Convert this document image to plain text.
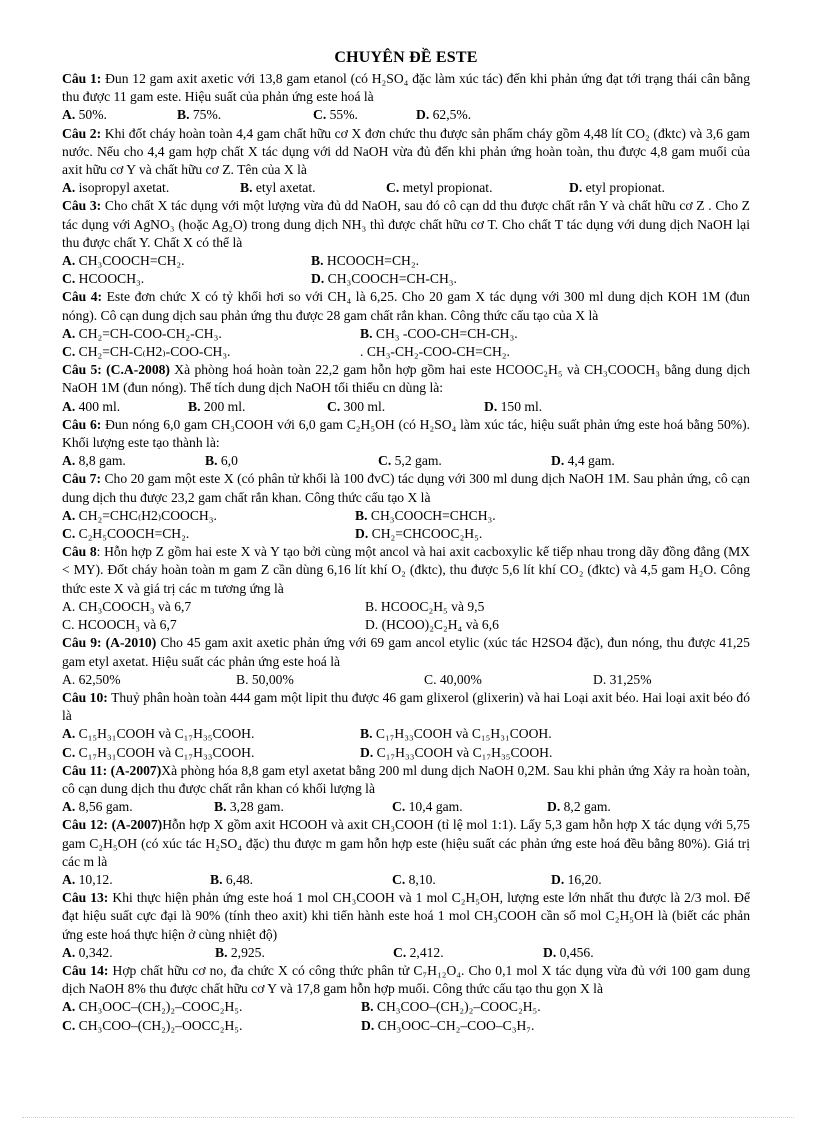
CHUYÊN ĐỀ ESTE
Câu 1: Đun 12 gam axit axetic với 13,8 gam etanol (có H₂SO₄ đặc làm xúc tác) đến khi phản ứng đạt tới trạng thái cân bằng thu được 11 gam este. Hiệu suất của phản ứng este hoá là
A. 50%.	B. 75%.	C. 55%.	D. 62,5%.
Câu 2: Khi đốt cháy hoàn toàn 4,4 gam chất hữu cơ X đơn chức thu được sản phẩm cháy gồm 4,48 lít CO₂ (đktc) và 3,6 gam nước. Nếu cho 4,4 gam hợp chất X tác dụng với dd NaOH vừa đủ đến khi phản ứng hoàn toàn, thu được 4,8 gam muối của axit hữu cơ Y và chất hữu cơ Z. Tên của X là
A. isopropyl axetat.	B. etyl axetat.	C. metyl propionat.	D. etyl propionat.
Câu 3: Cho chất X tác dụng với một lượng vừa đủ dd NaOH, sau đó cô cạn dd thu được chất rắn Y và chất hữu cơ Z . Cho Z tác dụng với AgNO₃ (hoặc Ag₂O) trong dung dịch NH₃ thì được chất hữu cơ T. Cho chất T tác dụng với dung dịch NaOH lại thu được chất Y. Chất X có thể là
A. CH₃COOCH=CH₂.	B. HCOOCH=CH₂.
C. HCOOCH₃.	D. CH₃COOCH=CH-CH₃.
Câu 4: Este đơn chức X có tỷ khối hơi so với CH₄ là 6,25. Cho 20 gam X tác dụng với 300 ml dung dịch KOH 1M (đun nóng). Cô cạn dung dịch sau phản ứng thu được 28 gam chất rắn khan. Công thức cấu tạo của X là
A. CH₂=CH-COO-CH₂-CH₃.	B. CH₃ -COO-CH=CH-CH₃.
C. CH₂=CH-C₍H2₎-COO-CH₃.	. CH₃-CH₂-COO-CH=CH₂.
Câu 5: (C.A-2008) Xà phòng hoá hoàn toàn 22,2 gam hỗn hợp gồm hai este HCOOC₂H₅ và CH₃COOCH₃ bằng dung dịch NaOH 1M (đun nóng). Thể tích dung dịch NaOH tối thiểu cn dùng là:
A. 400 ml.	B. 200 ml.	C. 300 ml.	D. 150 ml.
Câu 6: Đun nóng 6,0 gam CH₃COOH với 6,0 gam C₂H₅OH (có H₂SO₄ làm xúc tác, hiệu suất phản ứng este hoá bằng 50%). Khối lượng este tạo thành là:
A. 8,8 gam.	B. 6,0	C. 5,2 gam.	D. 4,4 gam.
Câu 7: Cho 20 gam một este X (có phân tử khối là 100 đvC) tác dụng với 300 ml dung dịch NaOH 1M. Sau phản ứng, cô cạn dung dịch thu được 23,2 gam chất rắn khan. Công thức cấu tạo X là
A. CH₂=CHC₍H2₎COOCH₃.	B. CH₃COOCH=CHCH₃.
C. C₂H₅COOCH=CH₂.	D. CH₂=CHCOOC₂H₅.
Câu 8: Hỗn hợp Z gồm hai este X và Y tạo bởi cùng một ancol và hai axit cacboxylic kế tiếp nhau trong dãy đồng đẳng (MX < MY). Đốt cháy hoàn toàn m gam Z cần dùng 6,16 lít khí O₂ (đktc), thu được 5,6 lít khí CO₂ (đktc) và 4,5 gam H₂O. Công thức este X và giá trị các m tương ứng là
A. CH₃COOCH₃ và 6,7	B. HCOOC₂H₅ và 9,5
C. HCOOCH₃ và 6,7	D. (HCOO)₂C₂H₄ và 6,6
Câu 9: (A-2010) Cho 45 gam axit axetic phản ứng với 69 gam ancol etylic (xúc tác H2SO4 đặc), đun nóng, thu được 41,25 gam etyl axetat. Hiệu suất các phản ứng este hoá là
A. 62,50%	B. 50,00%	C. 40,00%	D. 31,25%
Câu 10: Thuỷ phân hoàn toàn 444 gam một lipit thu được 46 gam glixerol (glixerin) và hai Loại axit béo. Hai loại axit béo đó là
A. C₁₅H₃₁COOH và C₁₇H₃₅COOH.	B. C₁₇H₃₃COOH và C₁₅H₃₁COOH.
C. C₁₇H₃₁COOH và C₁₇H₃₃COOH.	D. C₁₇H₃₃COOH và C₁₇H₃₅COOH.
Câu 11: (A-2007)Xà phòng hóa 8,8 gam etyl axetat bằng 200 ml dung dịch NaOH 0,2M. Sau khi phản ứng Xảy ra hoàn toàn, cô cạn dung dịch thu được chất rắn khan có khối lượng là
A. 8,56 gam.	B. 3,28 gam.	C. 10,4 gam.	D. 8,2 gam.
Câu 12: (A-2007)Hỗn hợp X gồm axit HCOOH và axit CH₃COOH (tỉ lệ mol 1:1). Lấy 5,3 gam hỗn hợp X tác dụng với 5,75 gam C₂H₅OH (có xúc tác H₂SO₄ đặc) thu được m gam hỗn hợp este (hiệu suất các phản ứng este hoá đều bằng 80%). Giá trị các m là
A. 10,12.	B. 6,48.	C. 8,10.	D. 16,20.
Câu 13: Khi thực hiện phản ứng este hoá 1 mol CH₃COOH và 1 mol C₂H₅OH, lượng este lớn nhất thu được là 2/3 mol. Để đạt hiệu suất cực đại là 90% (tính theo axit) khi tiến hành este hoá 1 mol CH₃COOH cần số mol C₂H₅OH là (biết các phản ứng este hoá thực hiện ở cùng nhiệt độ)
A. 0,342.	B. 2,925.	C. 2,412.	D. 0,456.
Câu 14: Hợp chất hữu cơ no, đa chức X có công thức phân tử C₇H₁₂O₄. Cho 0,1 mol X tác dụng vừa đủ với 100 gam dung dịch NaOH 8% thu được chất hữu cơ Y và 17,8 gam hỗn hợp muối. Công thức cấu tạo thu gọn X là
A. CH₃OOC–(CH₂)₂–COOC₂H₅.	B. CH₃COO–(CH₂)₂–COOC₂H₅.
C. CH₃COO–(CH₂)₂–OOCC₂H₅.	D. CH₃OOC–CH₂–COO–C₃H₇.
